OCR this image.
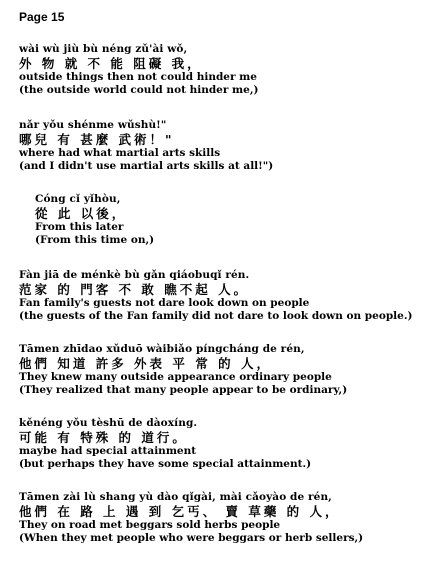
Page 15
wài wù jiù bù néng zǔ'ài wǒ,
外 物 就 不 能 阻礙 我，
outside things then not could hinder me
(the outside world could not hinder me,)
nǎr yǒu shénme wǔshù!"
哪兒 有 甚麼 武術！"
where had what martial arts skills
(and I didn't use martial arts skills at all!")
Cóng cǐ yǐhòu,
從 此 以後，
From this later
(From this time on,)
Fàn jiā de ménkè bù gǎn qiáobuqǐ rén.
范家 的 門客 不 敢 瞧不起 人。
Fan family's guests not dare look down on people
(the guests of the Fan family did not dare to look down on people.)
Tāmen zhīdao xǔduō wàibiǎo píngcháng de rén,
他們 知道 許多 外表 平 常 的 人，
They knew many outside appearance ordinary people
(They realized that many people appear to be ordinary,)
kěnéng yǒu tèshū de dàoxíng.
可能 有 特殊 的 道行。
maybe had special attainment
(but perhaps they have some special attainment.)
Tāmen zài lù shang yù dào qǐgài, mài cǎoyào de rén,
他們 在 路 上 遇 到 乞丐、 賣 草藥 的 人，
They on road met beggars sold herbs people
(When they met people who were beggars or herb sellers,)
